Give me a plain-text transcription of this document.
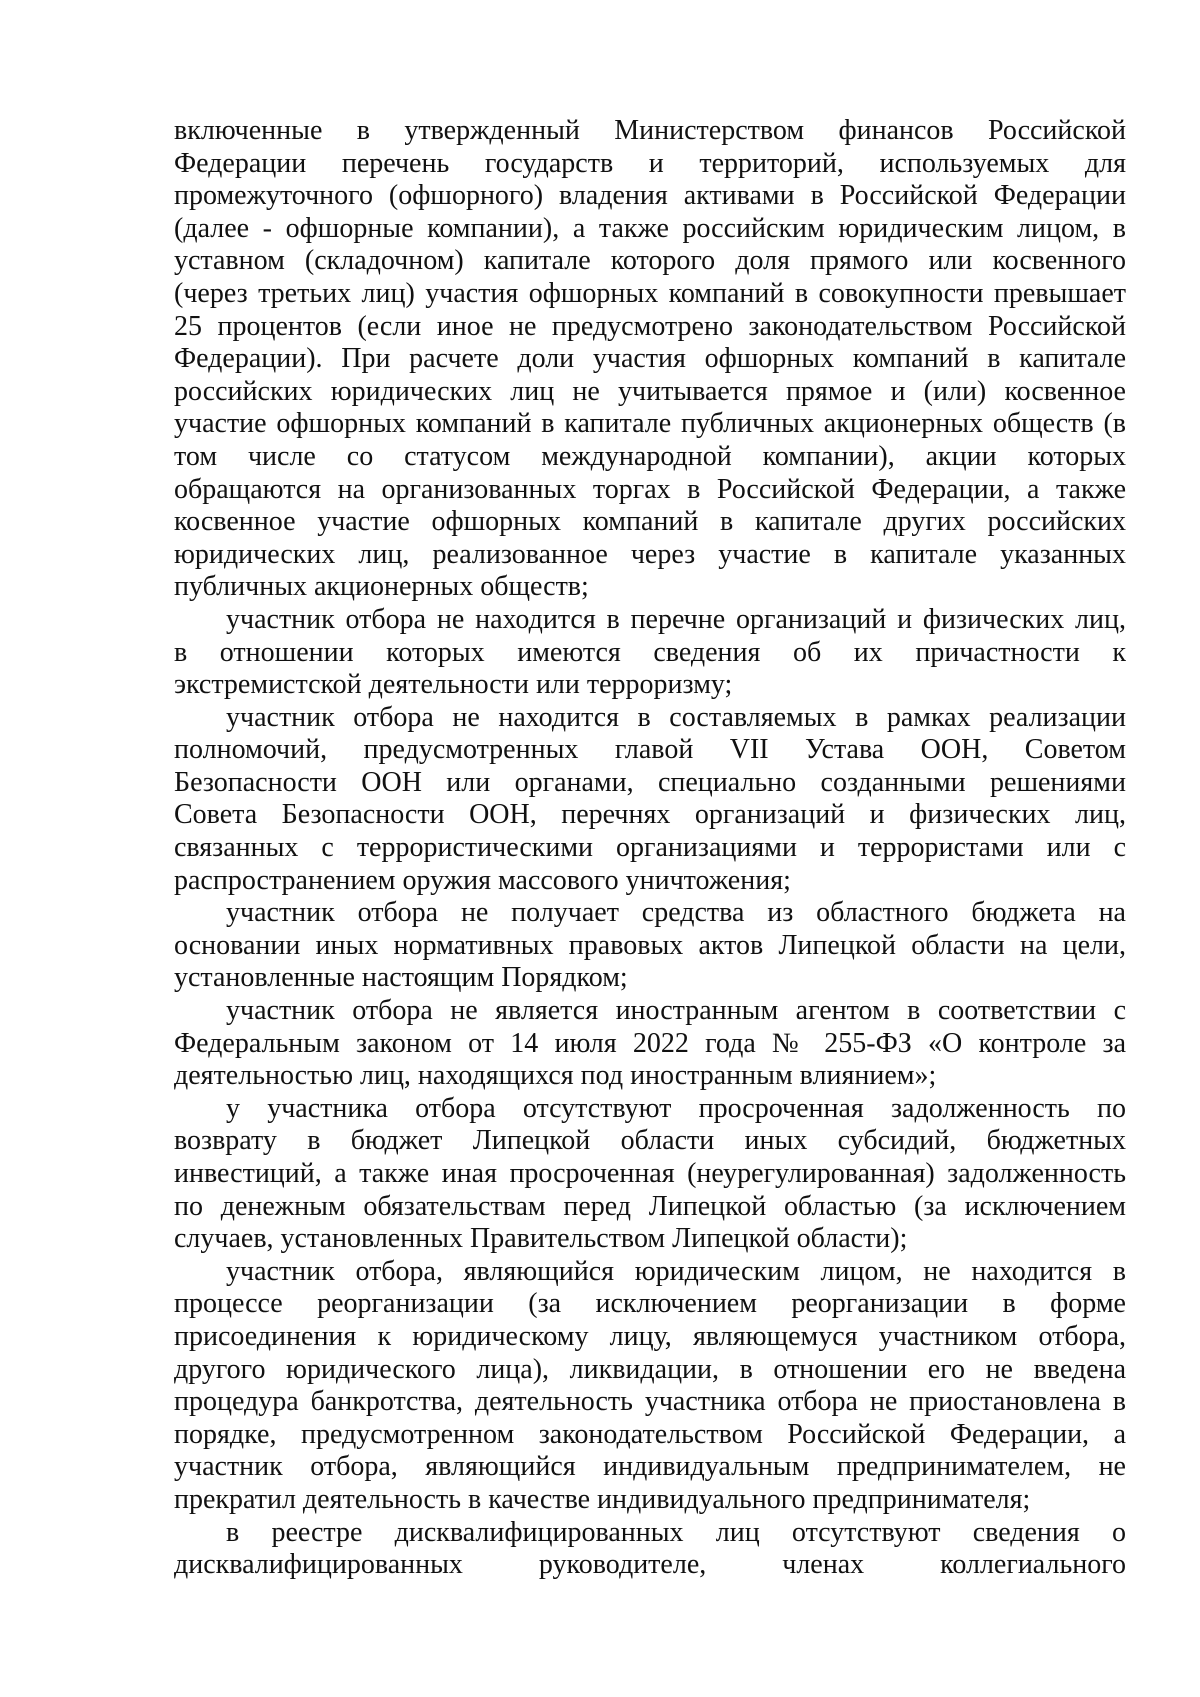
включенные в утвержденный Министерством финансов Российской
Федерации перечень государств и территорий, используемых для
промежуточного (офшорного) владения активами в Российской Федерации
(далее - офшорные компании), а также российским юридическим лицом, в
уставном (складочном) капитале которого доля прямого или косвенного
(через третьих лиц) участия офшорных компаний в совокупности превышает
25 процентов (если иное не предусмотрено законодательством Российской
Федерации). При расчете доли участия офшорных компаний в капитале
российских юридических лиц не учитывается прямое и (или) косвенное
участие офшорных компаний в капитале публичных акционерных обществ (в
том числе со статусом международной компании), акции которых
обращаются на организованных торгах в Российской Федерации, а также
косвенное участие офшорных компаний в капитале других российских
юридических лиц, реализованное через участие в капитале указанных
публичных акционерных обществ;
участник отбора не находится в перечне организаций и физических лиц,
в отношении которых имеются сведения об их причастности к
экстремистской деятельности или терроризму;
участник отбора не находится в составляемых в рамках реализации
полномочий, предусмотренных главой VII Устава ООН, Советом
Безопасности ООН или органами, специально созданными решениями
Совета Безопасности ООН, перечнях организаций и физических лиц,
связанных с террористическими организациями и террористами или с
распространением оружия массового уничтожения;
участник отбора не получает средства из областного бюджета на
основании иных нормативных правовых актов Липецкой области на цели,
установленные настоящим Порядком;
участник отбора не является иностранным агентом в соответствии с
Федеральным законом от 14 июля 2022 года № 255-ФЗ «О контроле за
деятельностью лиц, находящихся под иностранным влиянием»;
у участника отбора отсутствуют просроченная задолженность по
возврату в бюджет Липецкой области иных субсидий, бюджетных
инвестиций, а также иная просроченная (неурегулированная) задолженность
по денежным обязательствам перед Липецкой областью (за исключением
случаев, установленных Правительством Липецкой области);
участник отбора, являющийся юридическим лицом, не находится в
процессе реорганизации (за исключением реорганизации в форме
присоединения к юридическому лицу, являющемуся участником отбора,
другого юридического лица), ликвидации, в отношении его не введена
процедура банкротства, деятельность участника отбора не приостановлена в
порядке, предусмотренном законодательством Российской Федерации, а
участник отбора, являющийся индивидуальным предпринимателем, не
прекратил деятельность в качестве индивидуального предпринимателя;
в реестре дисквалифицированных лиц отсутствуют сведения о
дисквалифицированных руководителе, членах коллегиального
